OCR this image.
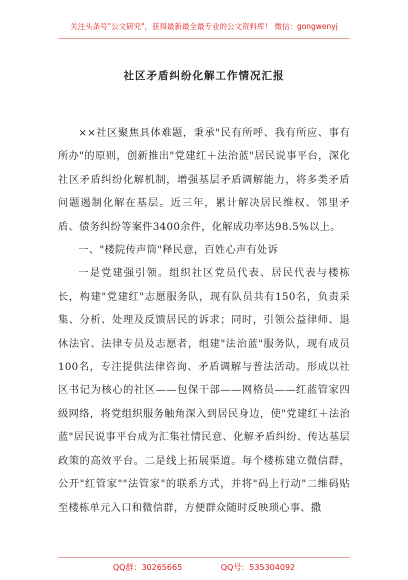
关注头条号"公文研究"，获得最新最全最专业的公文资料库！ 微信：gongwenyj
社区矛盾纠纷化解工作情况汇报

××社区聚焦具体难题，秉承"民有所呼、我有所应、事有所办"的原则，创新推出"党建红＋法治蓝"居民说事平台，深化社区矛盾纠纷化解机制，增强基层矛盾调解能力，将多类矛盾问题遏制化解在基层。近三年，累计解决居民维权、邻里矛盾、债务纠纷等案件3400余件，化解成功率达98.5%以上。

一、"楼院传声筒"释民意，百姓心声有处诉

一是党建强引领。组织社区党员代表、居民代表与楼栋长，构建"党建红"志愿服务队，现有队员共有150名，负责采集、分析、处理及反馈居民的诉求；同时，引领公益律师、退休法官、法律专员及志愿者，组建"法治蓝"服务队，现有成员100名，专注提供法律咨询、矛盾调解与普法活动。形成以社区书记为核心的社区——包保干部——网格员——红蓝管家四级网络，将党组织服务触角深入到居民身边，使"党建红＋法治蓝"居民说事平台成为汇集社情民意、化解矛盾纠纷、传达基层政策的高效平台。二是线上拓展渠道。每个楼栋建立微信群，公开"红管家""法管家"的联系方式，并将"码上行动"二维码贴至楼栋单元入口和微信群，方便群众随时反映琐心事、撒

QQ群：30265665	QQ号：535304092
